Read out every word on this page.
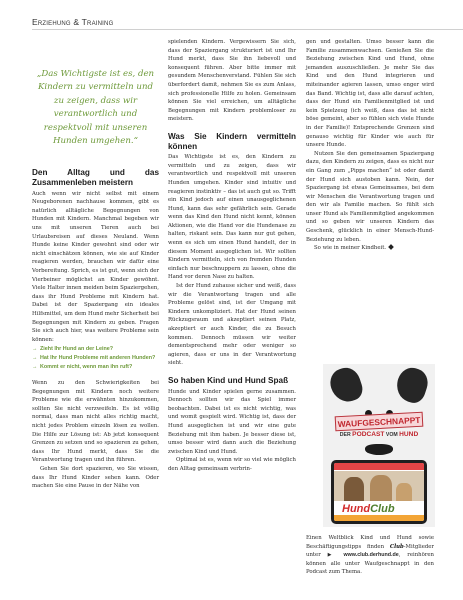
Erziehung & Training
„Das Wichtigste ist es, den Kindern zu vermitteln und zu zeigen, dass wir verantwortlich und respektvoll mit unseren Hunden umgehen.“
Den Alltag und das Zusammenleben meistern

Auch wenn wir nicht selbst mit einem Neugeborenen nachhause kommen, gibt es natürlich alltägliche Begegnungen von Hunden mit Kindern. Manchmal begeben wir uns mit unseren Tieren auch bei Urlaubsreisen auf dieses Neuland. Wenn Hunde keine Kinder gewohnt sind oder wir nicht einschätzen können, wie sie auf Kinder reagieren werden, brauchen wir dafür eine Vorbereitung. Sprich, es ist gut, wenn sich der Vierbeiner möglichst an Kinder gewöhnt. Viele Halter innen meiden beim Spaziergehen, dass ihr Hund Probleme mit Kindern hat. Dabei ist der Spaziergang ein ideales Hilfsmittel, um dem Hund mehr Sicherheit bei Begegnungen mit Kindern zu geben. Fragen Sie sich auch hier, was weitere Probleme sein können:

→ Zieht Ihr Hund an der Leine?
→ Hat Ihr Hund Probleme mit anderen Hunden?
→ Kommt er nicht, wenn man ihn ruft?

Wenn zu den Schwierigkeiten bei Begegnungen mit Kindern noch weitere Probleme wie die erwähnten hinzukommen, sollten Sie nicht verzweifeln. Es ist völlig normal, dass man nicht alles richtig macht, nicht jedes Problem einzeln lösen zu wollen. Die Hilfe zur Lösung ist: Ab jetzt konsequent Grenzen zu setzen und so spazieren zu gehen, dass Ihr Hund merkt, dass Sie die Verantwortung tragen und ihn führen.

Gehen Sie dort spazieren, wo Sie wissen, dass Ihr Hund Kinder sehen kann. Oder machen Sie eine Pause in der Nähe von

spielenden Kindern. Vergewissern Sie sich, dass der Spaziergang strukturiert ist und Ihr Hund merkt, dass Sie ihn liebevoll und konsequent führen. Aber bitte immer mit gesundem Menschenverstand. Fühlen Sie sich überfordert damit, nehmen Sie es zum Anlass, sich professionelle Hilfe zu holen. Gemeinsam können Sie viel erreichen, um alltägliche Begegnungen mit Kindern problemloser zu meistern.

Was Sie Kindern vermitteln können

Das Wichtigste ist es, den Kindern zu vermitteln und zu zeigen, dass wir verantwortlich und respektvoll mit unseren Hunden umgehen. Kinder sind intuitiv und reagieren instinktiv – das ist auch gut so. Trifft ein Kind jedoch auf einen unausgeglichenen Hund, kann das sehr gefährlich sein. Gerade wenn das Kind den Hund nicht kennt, können Aktionen, wie die Hand vor die Hundenase zu halten, riskant sein. Das kann nur gut gehen, wenn es sich um einen Hund handelt, der in diesem Moment ausgeglichen ist. Wir sollten Kindern vermitteln, sich von fremden Hunden einfach nur beschnuppern zu lassen, ohne die Hand vor deren Nase zu halten.

Ist der Hund zuhause sicher und weiß, dass wir die Verantwortung tragen und alle Probleme gelöst sind, ist der Umgang mit Kindern unkompliziert. Hat der Hund seinen Rückzugsraum und akzeptiert seinen Platz, akzeptiert er auch Kinder, die zu Besuch kommen. Dennoch müssen wir weiter dementsprechend mehr oder weniger so agieren, dass er uns in der Verantwortung sieht.

So haben Kind und Hund Spaß

Hunde und Kinder spielen gerne zusammen. Dennoch sollten wir das Spiel immer beobachten. Dabei ist es nicht wichtig, was und womit gespielt wird. Wichtig ist, dass der Hund ausgeglichen ist und wir eine gute Beziehung mit ihm haben. Je besser diese ist, umso besser wird dann auch die Beziehung zwischen Kind und Hund.

Optimal ist es, wenn wir so viel wie möglich den Alltag gemeinsam verbrin-

gen und gestalten. Umso besser kann die Familie zusammenwachsen. Genießen Sie die Beziehung zwischen Kind und Hund, ohne jemanden auszuschließen. Je mehr Sie das Kind und den Hund integrieren und miteinander agieren lassen, umso enger wird das Band. Wichtig ist, dass alle darauf achten, dass der Hund ein Familienmitglied ist und kein Spielzeug (ich weiß, dass das ist nicht böse gemeint, aber so fühlen sich viele Hunde in der Familie)! Entsprechende Grenzen sind genauso wichtig für Kinder wie auch für unsere Hunde.

Nutzen Sie den gemeinsamen Spaziergang dazu, den Kindern zu zeigen, dass es nicht nur ein Gang zum „Pipps machen“ ist oder damit der Hund sich austoben kann. Nein, der Spaziergang ist etwas Gemeinsames, bei dem wir Menschen die Verantwortung tragen und den wir als Familie machen. So fühlt sich unser Hund als Familienmitglied angekommen und so geben wir unseren Kindern das Geschenk, glücklich in einer Mensch-Hund-Beziehung zu leben.

So wie in meiner Kindheit.

WAUFGESCHNAPPT
DER PODCAST VOM HUND
HundClub
Einen Weltblick Kind und Hund sowie Beschäftigungstipps finden Club-Mitglieder unter ▶ www.club.derhund.de, reinhören können alle unter Waufgeschnappt in den Podcast zum Thema.
